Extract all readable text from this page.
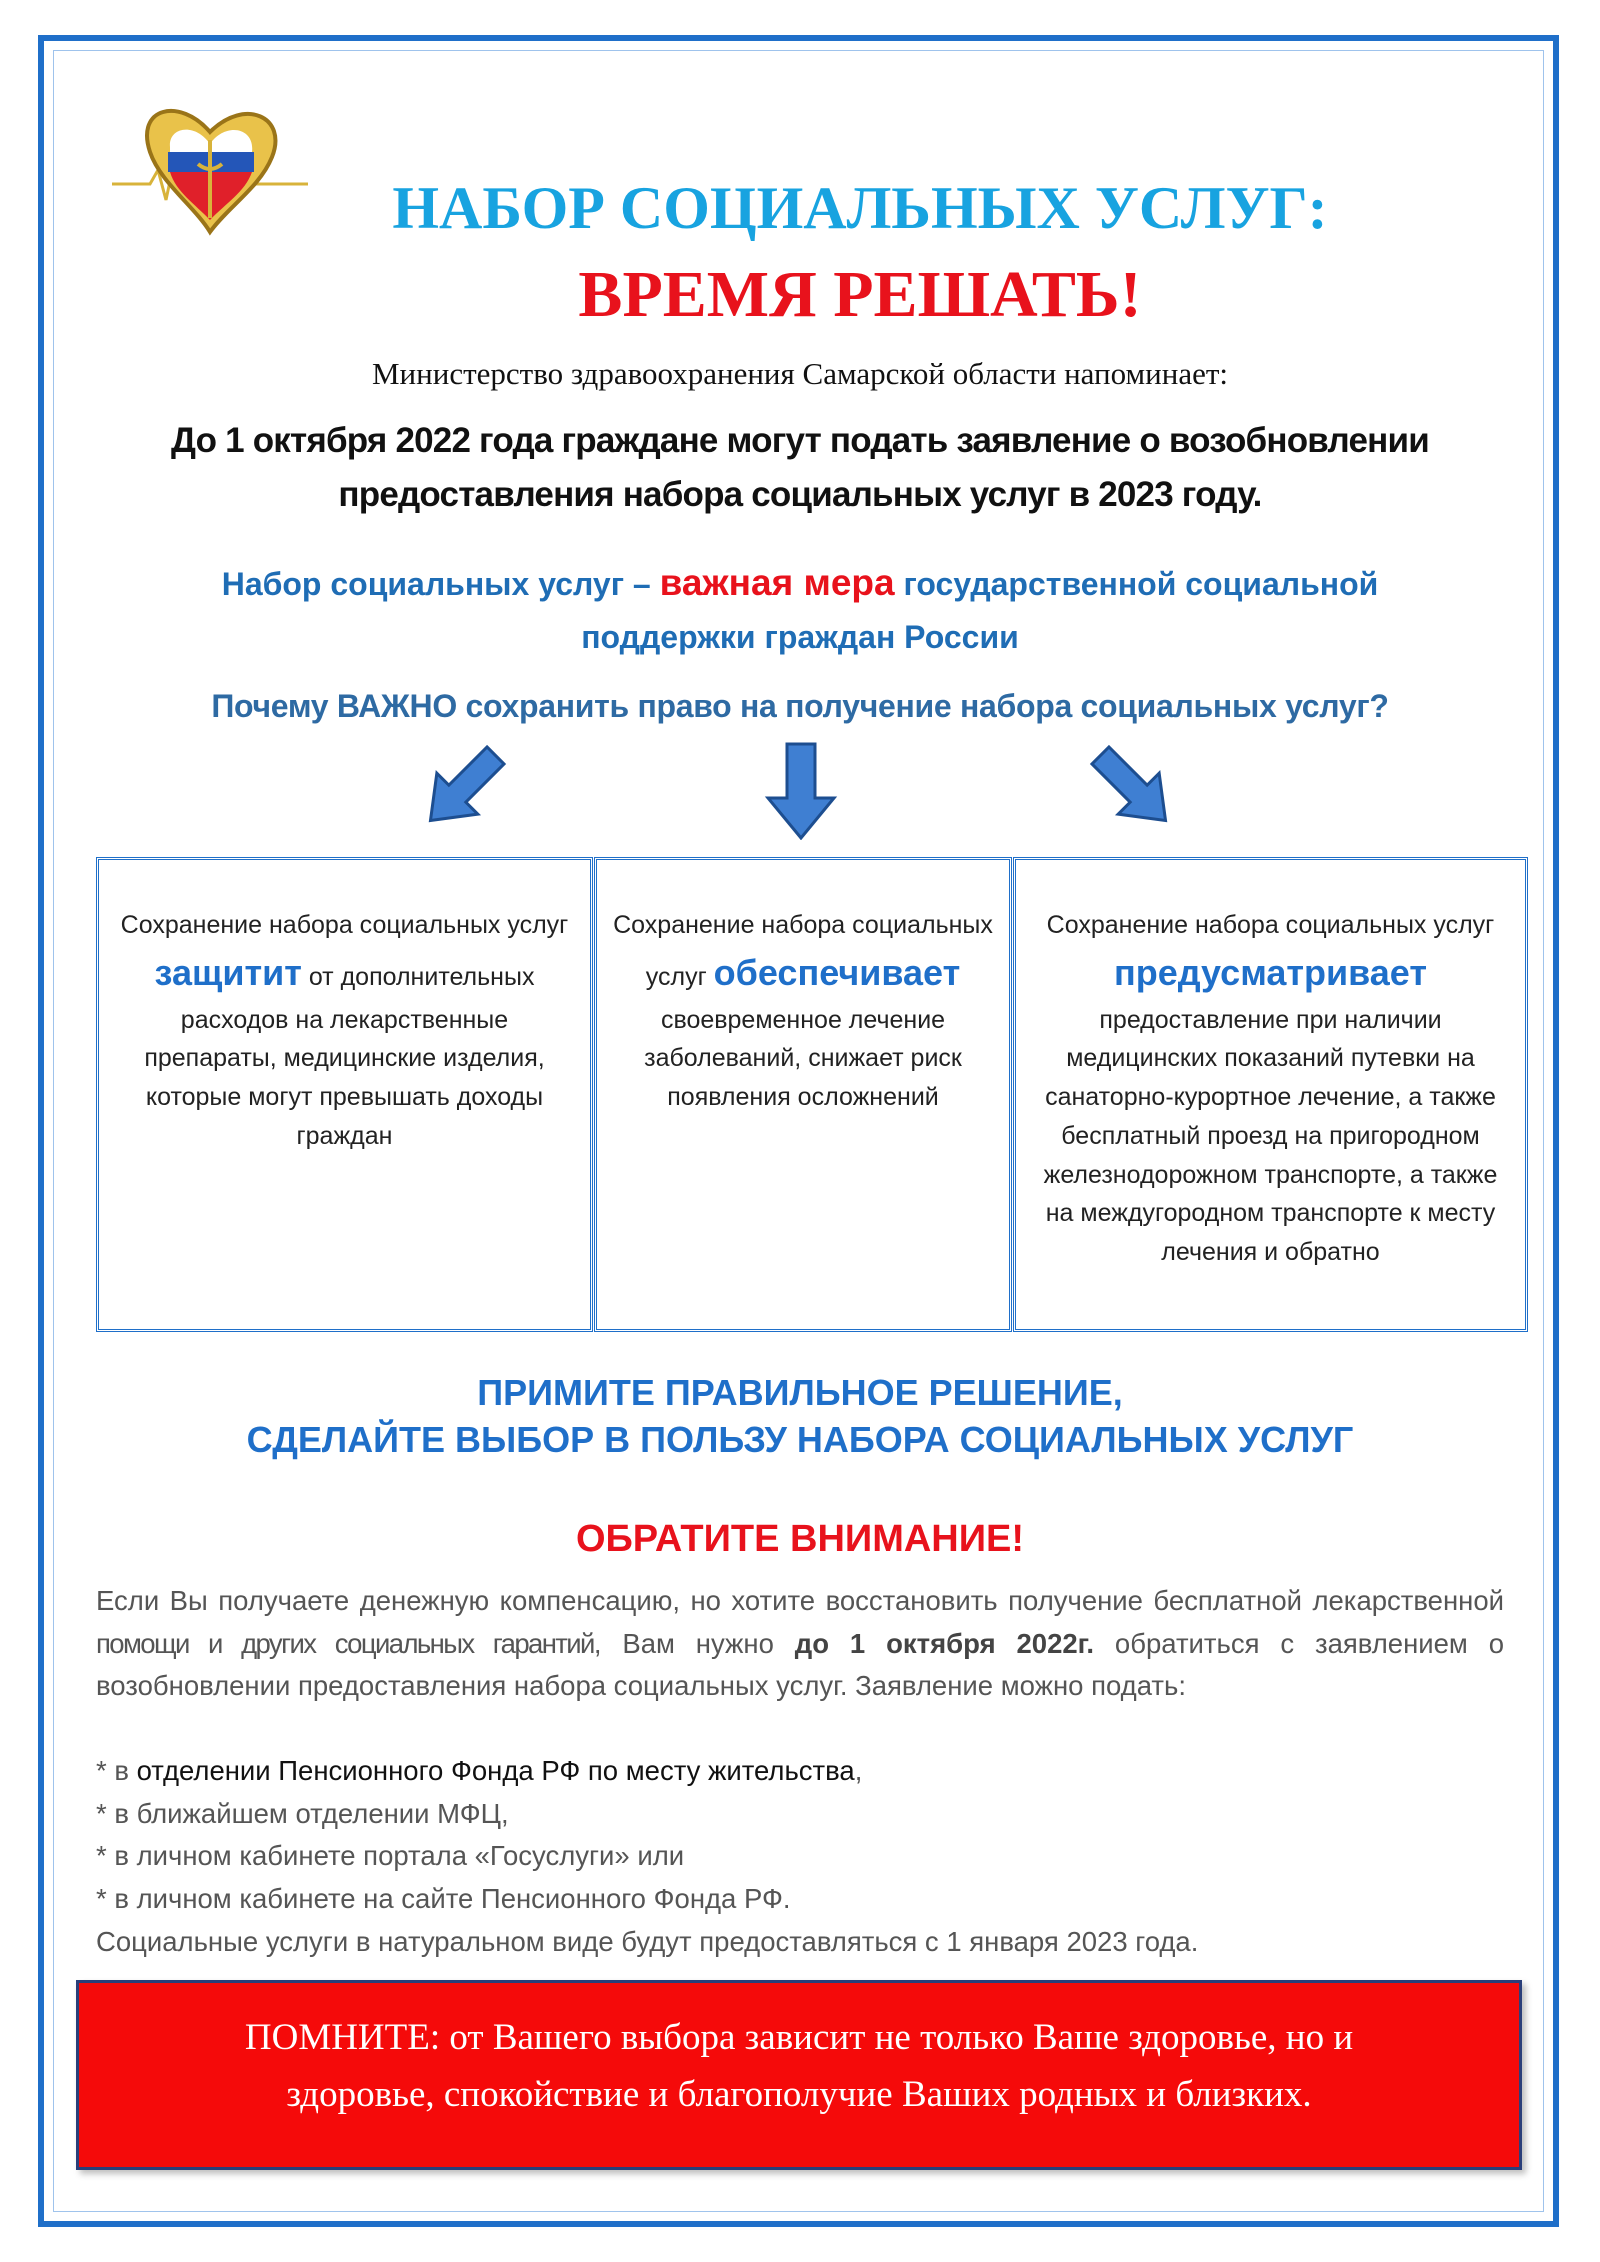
НАБОР СОЦИАЛЬНЫХ УСЛУГ:
ВРЕМЯ РЕШАТЬ!
Министерство здравоохранения Самарской области напоминает:
До 1 октября 2022 года граждане могут подать заявление о возобновлении
предоставления набора социальных услуг в 2023 году.
Набор социальных услуг – важная мера государственной социальной
поддержки граждан России
Почему ВАЖНО сохранить право на получение набора социальных услуг?
Сохранение набора социальных услуг защитит от дополнительных расходов на лекарственные препараты, медицинские изделия, которые могут превышать доходы граждан
Сохранение набора социальных услуг обеспечивает своевременное лечение заболеваний, снижает риск появления осложнений
Сохранение набора социальных услуг предусматривает предоставление при наличии медицинских показаний путевки на санаторно-курортное лечение, а также бесплатный проезд на пригородном железнодорожном транспорте, а также на междугородном транспорте к месту лечения и обратно
ПРИМИТЕ ПРАВИЛЬНОЕ РЕШЕНИЕ,
СДЕЛАЙТЕ ВЫБОР В ПОЛЬЗУ НАБОРА СОЦИАЛЬНЫХ УСЛУГ
ОБРАТИТЕ ВНИМАНИЕ!
Если Вы получаете денежную компенсацию, но хотите восстановить получение бесплатной лекарственной помощи и других социальных гарантий, Вам нужно до 1 октября 2022г. обратиться с заявлением о возобновлении предоставления набора социальных услуг. Заявление можно подать:
* в отделении Пенсионного Фонда РФ по месту жительства,
* в ближайшем отделении МФЦ,
* в личном кабинете портала «Госуслуги» или
* в личном кабинете на сайте Пенсионного Фонда РФ.
Социальные услуги в натуральном виде будут предоставляться с 1 января 2023 года.
ПОМНИТЕ: от Вашего выбора зависит не только Ваше здоровье, но и
здоровье, спокойствие и благополучие Ваших родных и близких.
